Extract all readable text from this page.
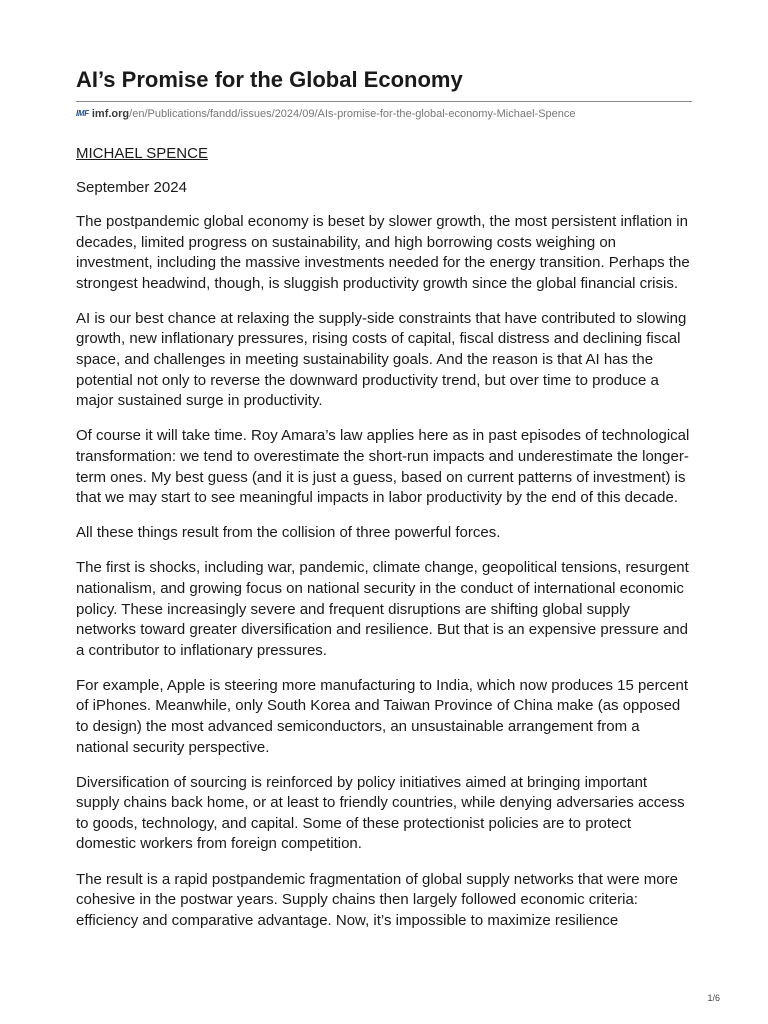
AI’s Promise for the Global Economy
IMF imf.org/en/Publications/fandd/issues/2024/09/AIs-promise-for-the-global-economy-Michael-Spence
MICHAEL SPENCE
September 2024

The postpandemic global economy is beset by slower growth, the most persistent inflation in decades, limited progress on sustainability, and high borrowing costs weighing on investment, including the massive investments needed for the energy transition. Perhaps the strongest headwind, though, is sluggish productivity growth since the global financial crisis.

AI is our best chance at relaxing the supply-side constraints that have contributed to slowing growth, new inflationary pressures, rising costs of capital, fiscal distress and declining fiscal space, and challenges in meeting sustainability goals. And the reason is that AI has the potential not only to reverse the downward productivity trend, but over time to produce a major sustained surge in productivity.

Of course it will take time. Roy Amara’s law applies here as in past episodes of technological transformation: we tend to overestimate the short-run impacts and underestimate the longer-term ones. My best guess (and it is just a guess, based on current patterns of investment) is that we may start to see meaningful impacts in labor productivity by the end of this decade.

All these things result from the collision of three powerful forces.

The first is shocks, including war, pandemic, climate change, geopolitical tensions, resurgent nationalism, and growing focus on national security in the conduct of international economic policy. These increasingly severe and frequent disruptions are shifting global supply networks toward greater diversification and resilience. But that is an expensive pressure and a contributor to inflationary pressures.

For example, Apple is steering more manufacturing to India, which now produces 15 percent of iPhones. Meanwhile, only South Korea and Taiwan Province of China make (as opposed to design) the most advanced semiconductors, an unsustainable arrangement from a national security perspective.

Diversification of sourcing is reinforced by policy initiatives aimed at bringing important supply chains back home, or at least to friendly countries, while denying adversaries access to goods, technology, and capital. Some of these protectionist policies are to protect domestic workers from foreign competition.

The result is a rapid postpandemic fragmentation of global supply networks that were more cohesive in the postwar years. Supply chains then largely followed economic criteria: efficiency and comparative advantage. Now, it’s impossible to maximize resilience

1/6
